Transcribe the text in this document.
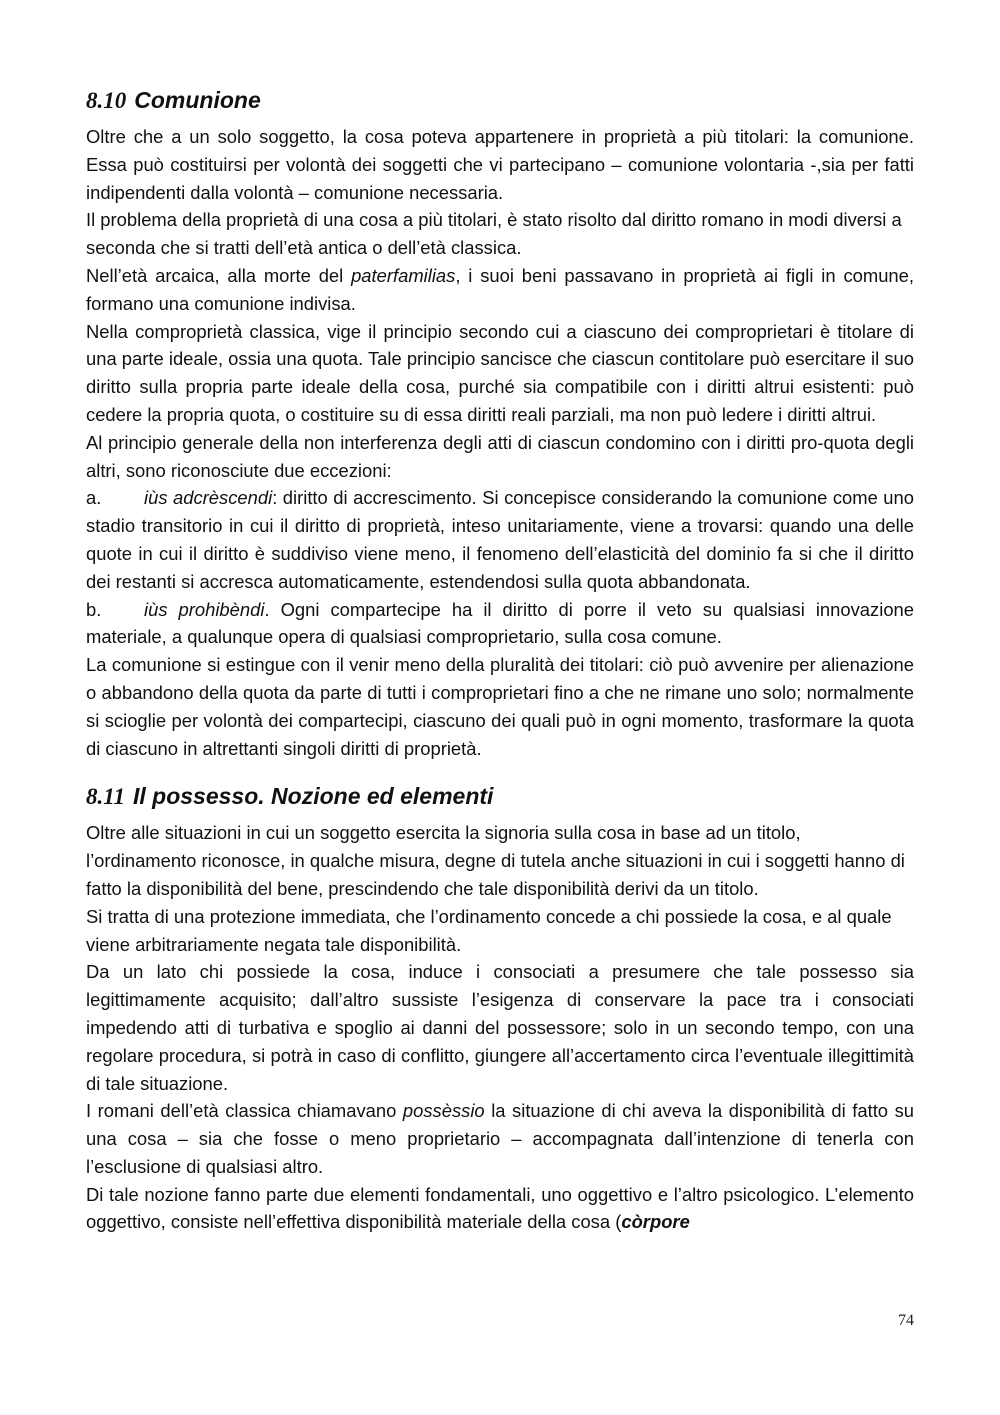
8.10 Comunione

Oltre che a un solo soggetto, la cosa poteva appartenere in proprietà a più titolari: la comunione. Essa può costituirsi per volontà dei soggetti che vi partecipano – comunione volontaria -,sia per fatti indipendenti dalla volontà – comunione necessaria.

Il problema della proprietà di una cosa a più titolari, è stato risolto dal diritto romano in modi diversi a seconda che si tratti dell’età antica o dell’età classica.

Nell’età arcaica, alla morte del paterfamilias, i suoi beni passavano in proprietà ai figli in comune, formano una comunione indivisa.

Nella comproprietà classica, vige il principio secondo cui a ciascuno dei comproprietari è titolare di una parte ideale, ossia una quota. Tale principio sancisce che ciascun contitolare può esercitare il suo diritto sulla propria parte ideale della cosa, purché sia compatibile con i diritti altrui esistenti: può cedere la propria quota, o costituire su di essa diritti reali parziali, ma non può ledere i diritti altrui.

Al principio generale della non interferenza degli atti di ciascun condomino con i diritti pro-quota degli altri, sono riconosciute due eccezioni:

a. iùs adcrèscendi: diritto di accrescimento. Si concepisce considerando la comunione come uno stadio transitorio in cui il diritto di proprietà, inteso unitariamente, viene a trovarsi: quando una delle quote in cui il diritto è suddiviso viene meno, il fenomeno dell’elasticità del dominio fa si che il diritto dei restanti si accresca automaticamente, estendendosi sulla quota abbandonata.

b. iùs prohibèndi. Ogni compartecipe ha il diritto di porre il veto su qualsiasi innovazione materiale, a qualunque opera di qualsiasi comproprietario, sulla cosa comune.

La comunione si estingue con il venir meno della pluralità dei titolari: ciò può avvenire per alienazione o abbandono della quota da parte di tutti i comproprietari fino a che ne rimane uno solo; normalmente si scioglie per volontà dei compartecipi, ciascuno dei quali può in ogni momento, trasformare la quota di ciascuno in altrettanti singoli diritti di proprietà.

8.11 Il possesso. Nozione ed elementi

Oltre alle situazioni in cui un soggetto esercita la signoria sulla cosa in base ad un titolo, l’ordinamento riconosce, in qualche misura, degne di tutela anche situazioni in cui i soggetti hanno di fatto la disponibilità del bene, prescindendo che tale disponibilità derivi da un titolo.

Si tratta di una protezione immediata, che l’ordinamento concede a chi possiede la cosa, e al quale viene arbitrariamente negata tale disponibilità.

Da un lato chi possiede la cosa, induce i consociati a presumere che tale possesso sia legittimamente acquisito; dall’altro sussiste l’esigenza di conservare la pace tra i consociati impedendo atti di turbativa e spoglio ai danni del possessore; solo in un secondo tempo, con una regolare procedura, si potrà in caso di conflitto, giungere all’accertamento circa l’eventuale illegittimità di tale situazione.

I romani dell’età classica chiamavano possèssio la situazione di chi aveva la disponibilità di fatto su una cosa – sia che fosse o meno proprietario – accompagnata dall’intenzione di tenerla con l’esclusione di qualsiasi altro.

Di tale nozione fanno parte due elementi fondamentali, uno oggettivo e l’altro psicologico. L’elemento oggettivo, consiste nell’effettiva disponibilità materiale della cosa (còrpore

74
